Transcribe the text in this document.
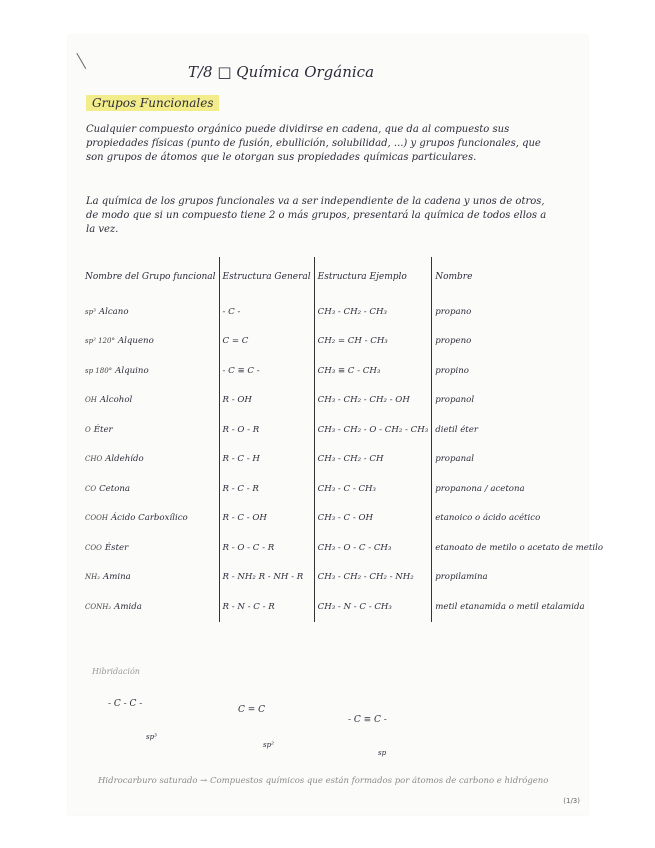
T/8 □ Química Orgánica
Grupos Funcionales
Cualquier compuesto orgánico puede dividirse en cadena, que da al compuesto sus propiedades físicas (punto de fusión, ebullición, solubilidad, ...) y grupos funcionales, que son grupos de átomos que le otorgan sus propiedades químicas particulares.
La química de los grupos funcionales va a ser independiente de la cadena y unos de otros, de modo que si un compuesto tiene 2 o más grupos, presentará la química de todos ellos a la vez.
Nombre del Grupo funcional	Estructura General	Estructura Ejemplo	Nombre
sp³ Alcano	- C -	CH₃ - CH₂ - CH₃	propano
sp² 120° Alqueno	C = C	CH₂ = CH - CH₃	propeno
sp 180° Alquino	- C ≡ C -	CH₃ ≡ C - CH₃	propino
OH Alcohol	R - OH	CH₃ - CH₂ - CH₂ - OH	propanol
O Éter	R - O - R	CH₃ - CH₂ - O - CH₂ - CH₃	dietil éter
CHO Aldehído	R - C - H	CH₃ - CH₂ - CH	propanal
CO Cetona	R - C - R	CH₃ - C - CH₃	propanona / acetona
COOH Ácido Carboxílico	R - C - OH	CH₃ - C - OH	etanoico o ácido acético
COO Éster	R - O - C - R	CH₃ - O - C - CH₃	etanoato de metilo o acetato de metilo
NH₂ Amina	R - NH₂ R - NH - R	CH₃ - CH₂ - CH₂ - NH₂	propilamina
CONH₂ Amida	R - N - C - R	CH₃ - N - C - CH₃	metil etanamida o metil etalamida
Hibridación
- C - C -
C = C
- C ≡ C -
sp³
sp²
sp
Hidrocarburo saturado → Compuestos químicos que están formados por átomos de carbono e hidrógeno
(1/3)
